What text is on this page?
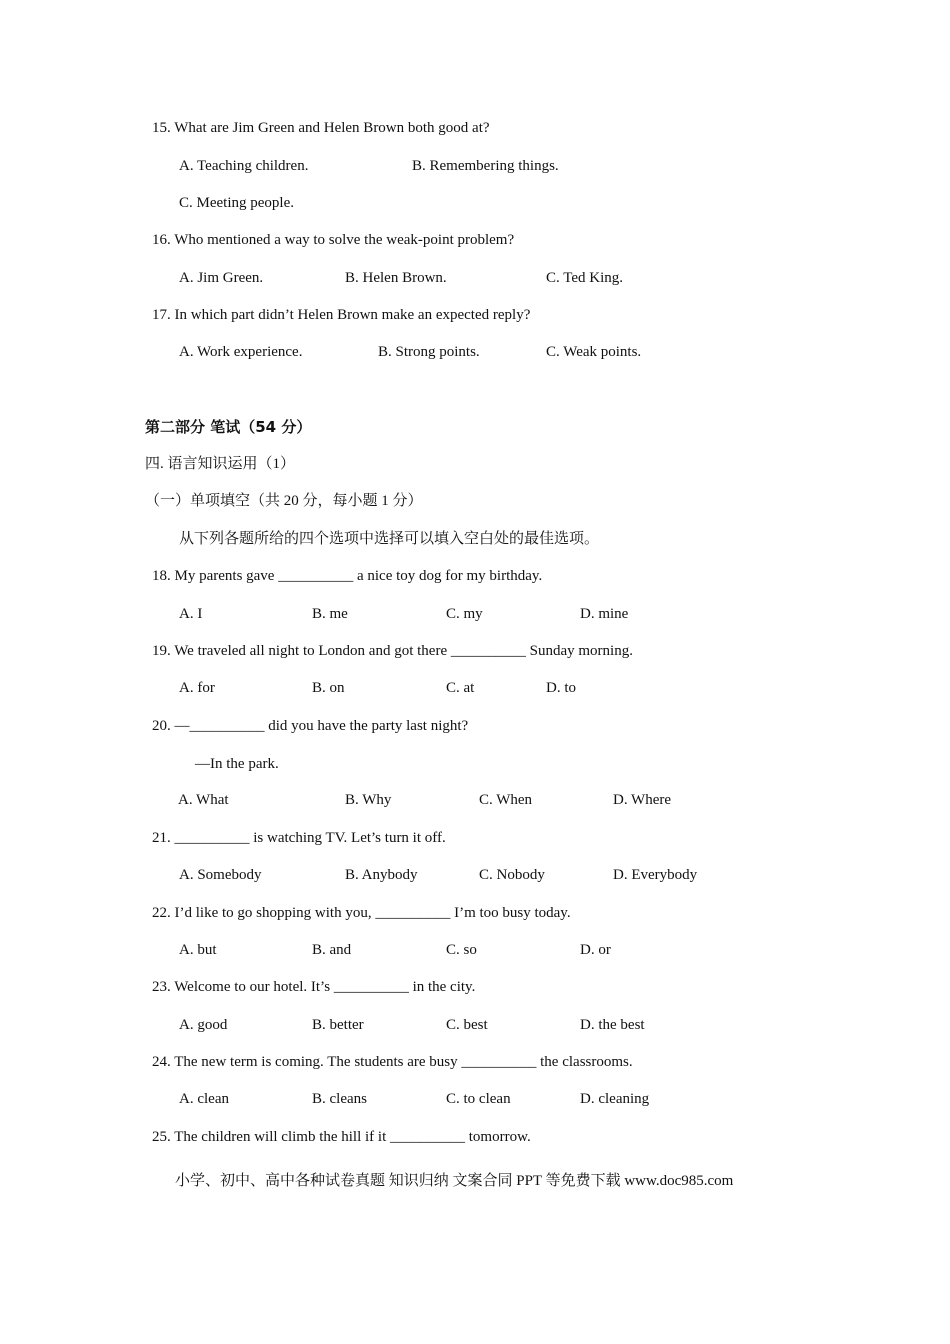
15. What are Jim Green and Helen Brown both good at?
A. Teaching children.	B. Remembering things.
C. Meeting people.
16. Who mentioned a way to solve the weak-point problem?
A. Jim Green.	B. Helen Brown.	C. Ted King.
17. In which part didn’t Helen Brown make an expected reply?
A. Work experience.	B. Strong points.	C. Weak points.
第二部分 笔试（54 分）
四. 语言知识运用（1）
（一）单项填空（共 20 分，每小题 1 分）
从下列各题所给的四个选项中选择可以填入空白处的最佳选项。
18. My parents gave __________ a nice toy dog for my birthday.
A. I	B. me	C. my	D. mine
19. We traveled all night to London and got there __________ Sunday morning.
A. for	B. on	C. at	D. to
20. —__________ did you have the party last night?
—In the park.
A. What	B. Why	C. When	D. Where
21. __________ is watching TV. Let’s turn it off.
A. Somebody	B. Anybody	C. Nobody	D. Everybody
22. I’d like to go shopping with you, __________ I’m too busy today.
A. but	B. and	C. so	D. or
23. Welcome to our hotel. It’s __________ in the city.
A. good	B. better	C. best	D. the best
24. The new term is coming. The students are busy __________ the classrooms.
A. clean	B. cleans	C. to clean	D. cleaning
25. The children will climb the hill if it __________ tomorrow.
小学、初中、高中各种试卷真题 知识归纳 文案合同 PPT 等免费下载 www.doc985.com
